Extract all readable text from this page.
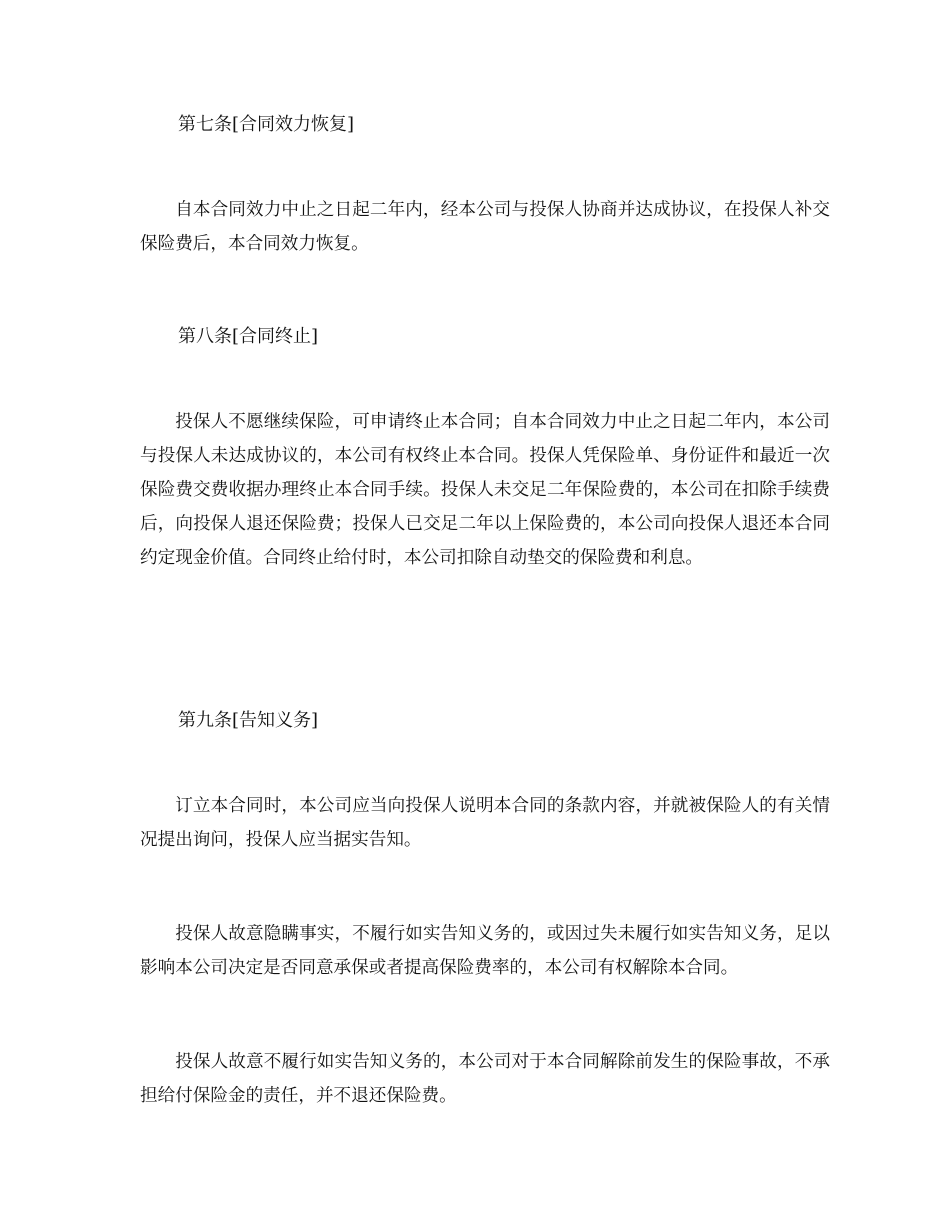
第七条[合同效力恢复]

自本合同效力中止之日起二年内，经本公司与投保人协商并达成协议，在投保人补交保险费后，本合同效力恢复。

第八条[合同终止]

投保人不愿继续保险，可申请终止本合同；自本合同效力中止之日起二年内，本公司与投保人未达成协议的，本公司有权终止本合同。投保人凭保险单、身份证件和最近一次保险费交费收据办理终止本合同手续。投保人未交足二年保险费的，本公司在扣除手续费后，向投保人退还保险费；投保人已交足二年以上保险费的，本公司向投保人退还本合同约定现金价值。合同终止给付时，本公司扣除自动垫交的保险费和利息。

第九条[告知义务]

订立本合同时，本公司应当向投保人说明本合同的条款内容，并就被保险人的有关情况提出询问，投保人应当据实告知。

投保人故意隐瞒事实，不履行如实告知义务的，或因过失未履行如实告知义务，足以影响本公司决定是否同意承保或者提高保险费率的，本公司有权解除本合同。

投保人故意不履行如实告知义务的，本公司对于本合同解除前发生的保险事故，不承担给付保险金的责任，并不退还保险费。
